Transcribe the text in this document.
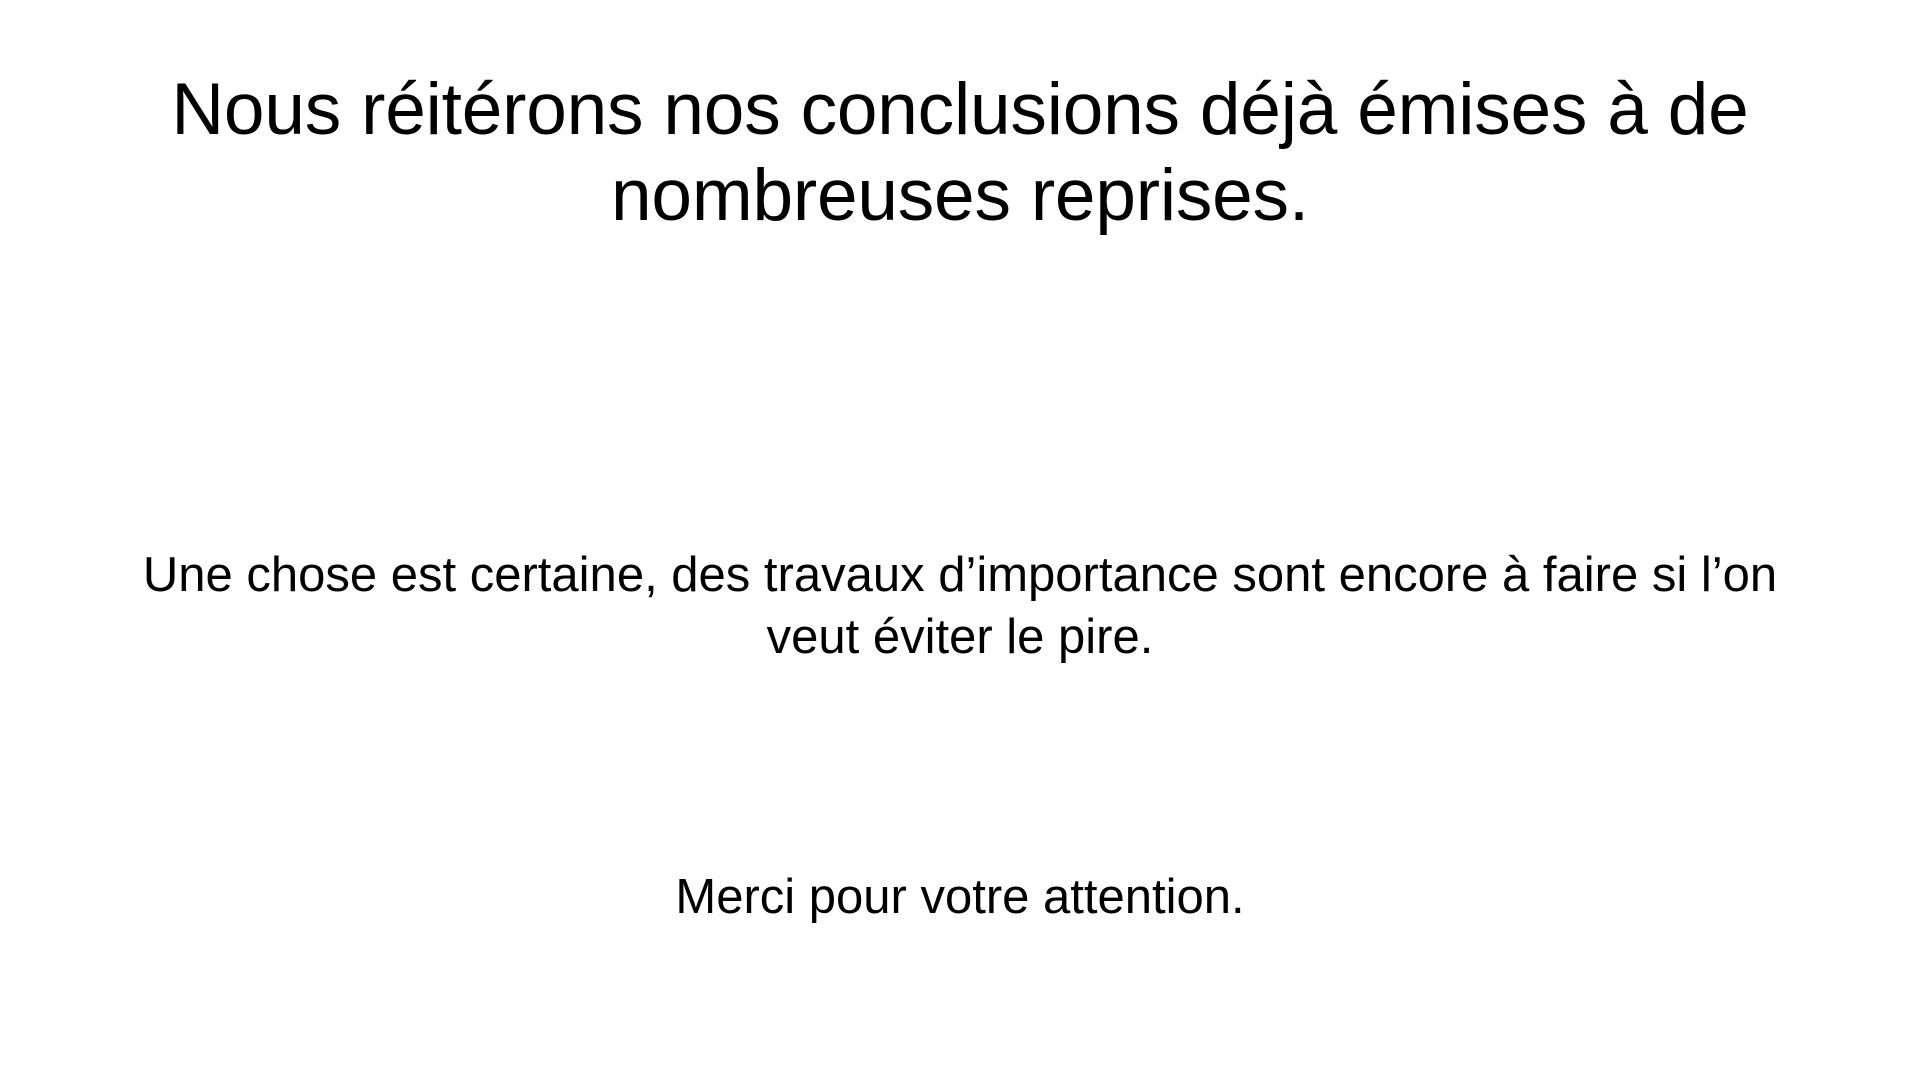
Nous réitérons nos conclusions déjà émises à de nombreuses reprises.

Une chose est certaine, des travaux d’importance sont encore à faire si l’on veut éviter le pire.

Merci pour votre attention.
